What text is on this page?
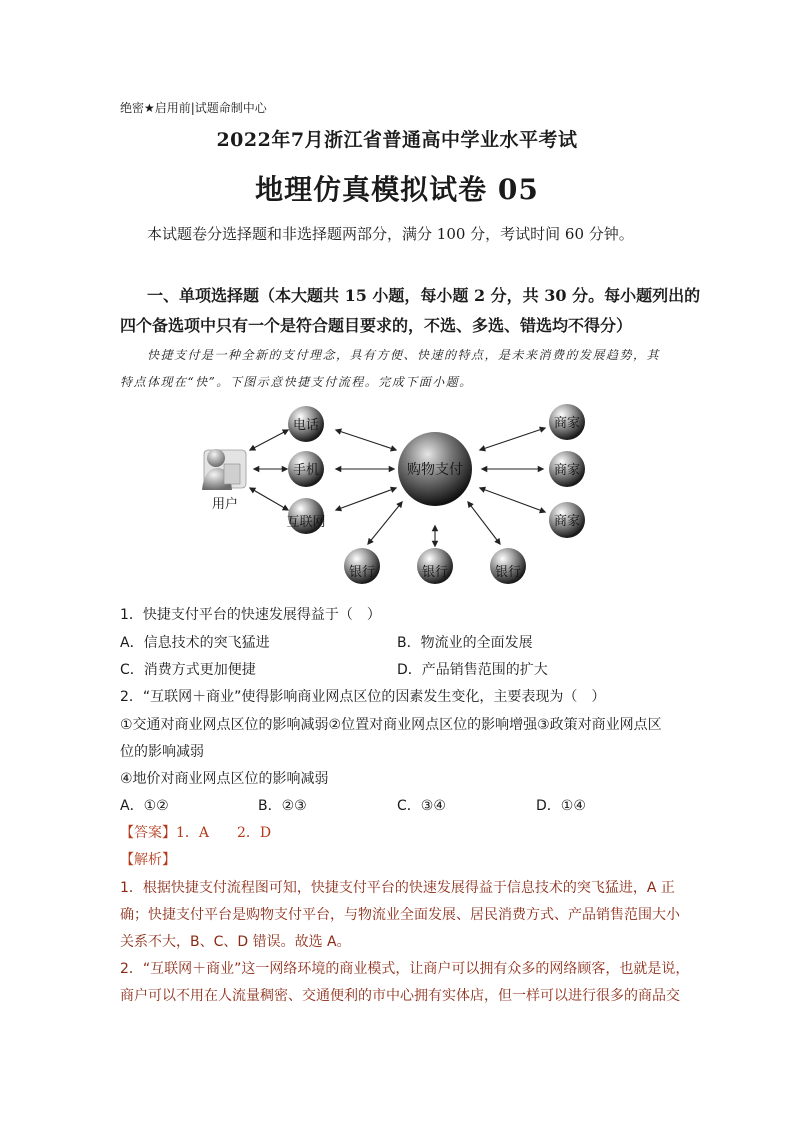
绝密★启用前|试题命制中心
2022年7月浙江省普通高中学业水平考试
地理仿真模拟试卷 05
本试题卷分选择题和非选择题两部分，满分 100 分，考试时间 60 分钟。
一、单项选择题（本大题共 15 小题，每小题 2 分，共 30 分。每小题列出的
四个备选项中只有一个是符合题目要求的，不选、多选、错选均不得分）
快捷支付是一种全新的支付理念，具有方便、快速的特点，是未来消费的发展趋势，其
特点体现在“快”。下图示意快捷支付流程。完成下面小题。
用户
电话
手机
互联网
购物支付
商家
商家
商家
银行	银行	银行
1．快捷支付平台的快速发展得益于（　）
A．信息技术的突飞猛进	B．物流业的全面发展
C．消费方式更加便捷	D．产品销售范围的扩大
2．“互联网＋商业”使得影响商业网点区位的因素发生变化，主要表现为（　）
①交通对商业网点区位的影响减弱②位置对商业网点区位的影响增强③政策对商业网点区
位的影响减弱
④地价对商业网点区位的影响减弱
A．①②	B．②③	C．③④	D．①④
【答案】1．A　　2．D
【解析】
1．根据快捷支付流程图可知，快捷支付平台的快速发展得益于信息技术的突飞猛进，A 正
确；快捷支付平台是购物支付平台，与物流业全面发展、居民消费方式、产品销售范围大小
关系不大，B、C、D 错误。故选 A。
2．“互联网＋商业”这一网络环境的商业模式，让商户可以拥有众多的网络顾客，也就是说，
商户可以不用在人流量稠密、交通便利的市中心拥有实体店，但一样可以进行很多的商品交
